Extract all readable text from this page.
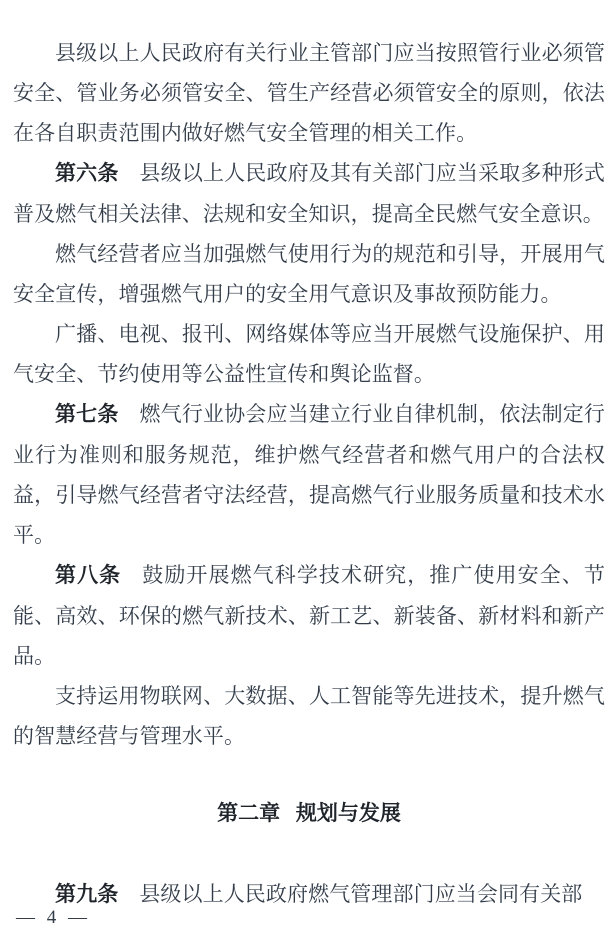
县级以上人民政府有关行业主管部门应当按照管行业必须管安全、管业务必须管安全、管生产经营必须管安全的原则，依法在各自职责范围内做好燃气安全管理的相关工作。

第六条 县级以上人民政府及其有关部门应当采取多种形式普及燃气相关法律、法规和安全知识，提高全民燃气安全意识。

燃气经营者应当加强燃气使用行为的规范和引导，开展用气安全宣传，增强燃气用户的安全用气意识及事故预防能力。

广播、电视、报刊、网络媒体等应当开展燃气设施保护、用气安全、节约使用等公益性宣传和舆论监督。

第七条 燃气行业协会应当建立行业自律机制，依法制定行业行为准则和服务规范，维护燃气经营者和燃气用户的合法权益，引导燃气经营者守法经营，提高燃气行业服务质量和技术水平。

第八条 鼓励开展燃气科学技术研究，推广使用安全、节能、高效、环保的燃气新技术、新工艺、新装备、新材料和新产品。

支持运用物联网、大数据、人工智能等先进技术，提升燃气的智慧经营与管理水平。

第二章 规划与发展

第九条 县级以上人民政府燃气管理部门应当会同有关部

— 4 —
